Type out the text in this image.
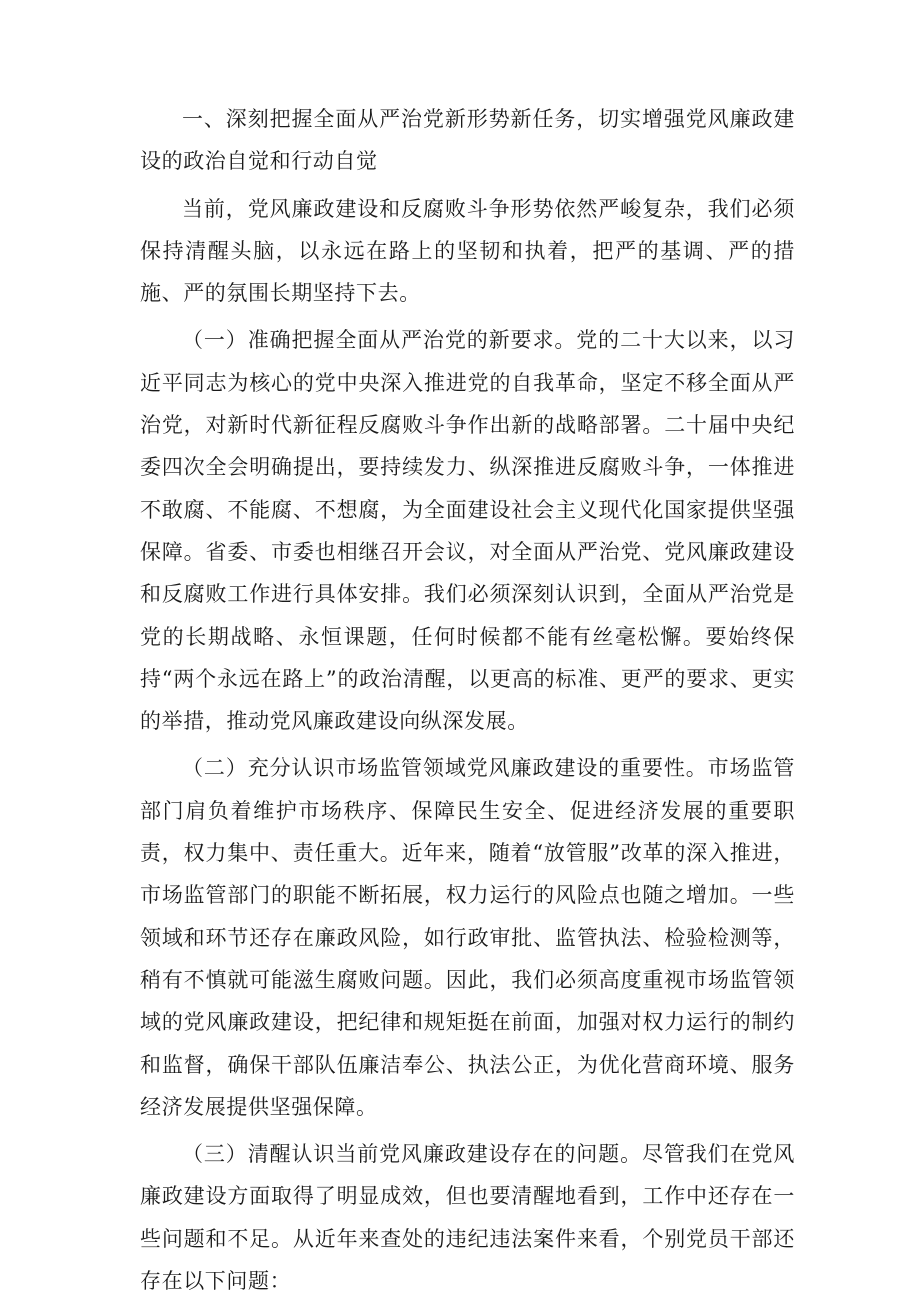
一、深刻把握全面从严治党新形势新任务，切实增强党风廉政建设的政治自觉和行动自觉

当前，党风廉政建设和反腐败斗争形势依然严峻复杂，我们必须保持清醒头脑，以永远在路上的坚韧和执着，把严的基调、严的措施、严的氛围长期坚持下去。

（一）准确把握全面从严治党的新要求。党的二十大以来，以习近平同志为核心的党中央深入推进党的自我革命，坚定不移全面从严治党，对新时代新征程反腐败斗争作出新的战略部署。二十届中央纪委四次全会明确提出，要持续发力、纵深推进反腐败斗争，一体推进不敢腐、不能腐、不想腐，为全面建设社会主义现代化国家提供坚强保障。省委、市委也相继召开会议，对全面从严治党、党风廉政建设和反腐败工作进行具体安排。我们必须深刻认识到，全面从严治党是党的长期战略、永恒课题，任何时候都不能有丝毫松懈。要始终保持“两个永远在路上”的政治清醒，以更高的标准、更严的要求、更实的举措，推动党风廉政建设向纵深发展。

（二）充分认识市场监管领域党风廉政建设的重要性。市场监管部门肩负着维护市场秩序、保障民生安全、促进经济发展的重要职责，权力集中、责任重大。近年来，随着“放管服”改革的深入推进，市场监管部门的职能不断拓展，权力运行的风险点也随之增加。一些领域和环节还存在廉政风险，如行政审批、监管执法、检验检测等，稍有不慎就可能滋生腐败问题。因此，我们必须高度重视市场监管领域的党风廉政建设，把纪律和规矩挺在前面，加强对权力运行的制约和监督，确保干部队伍廉洁奉公、执法公正，为优化营商环境、服务经济发展提供坚强保障。

（三）清醒认识当前党风廉政建设存在的问题。尽管我们在党风廉政建设方面取得了明显成效，但也要清醒地看到，工作中还存在一些问题和不足。从近年来查处的违纪违法案件来看，个别党员干部还存在以下问题：
